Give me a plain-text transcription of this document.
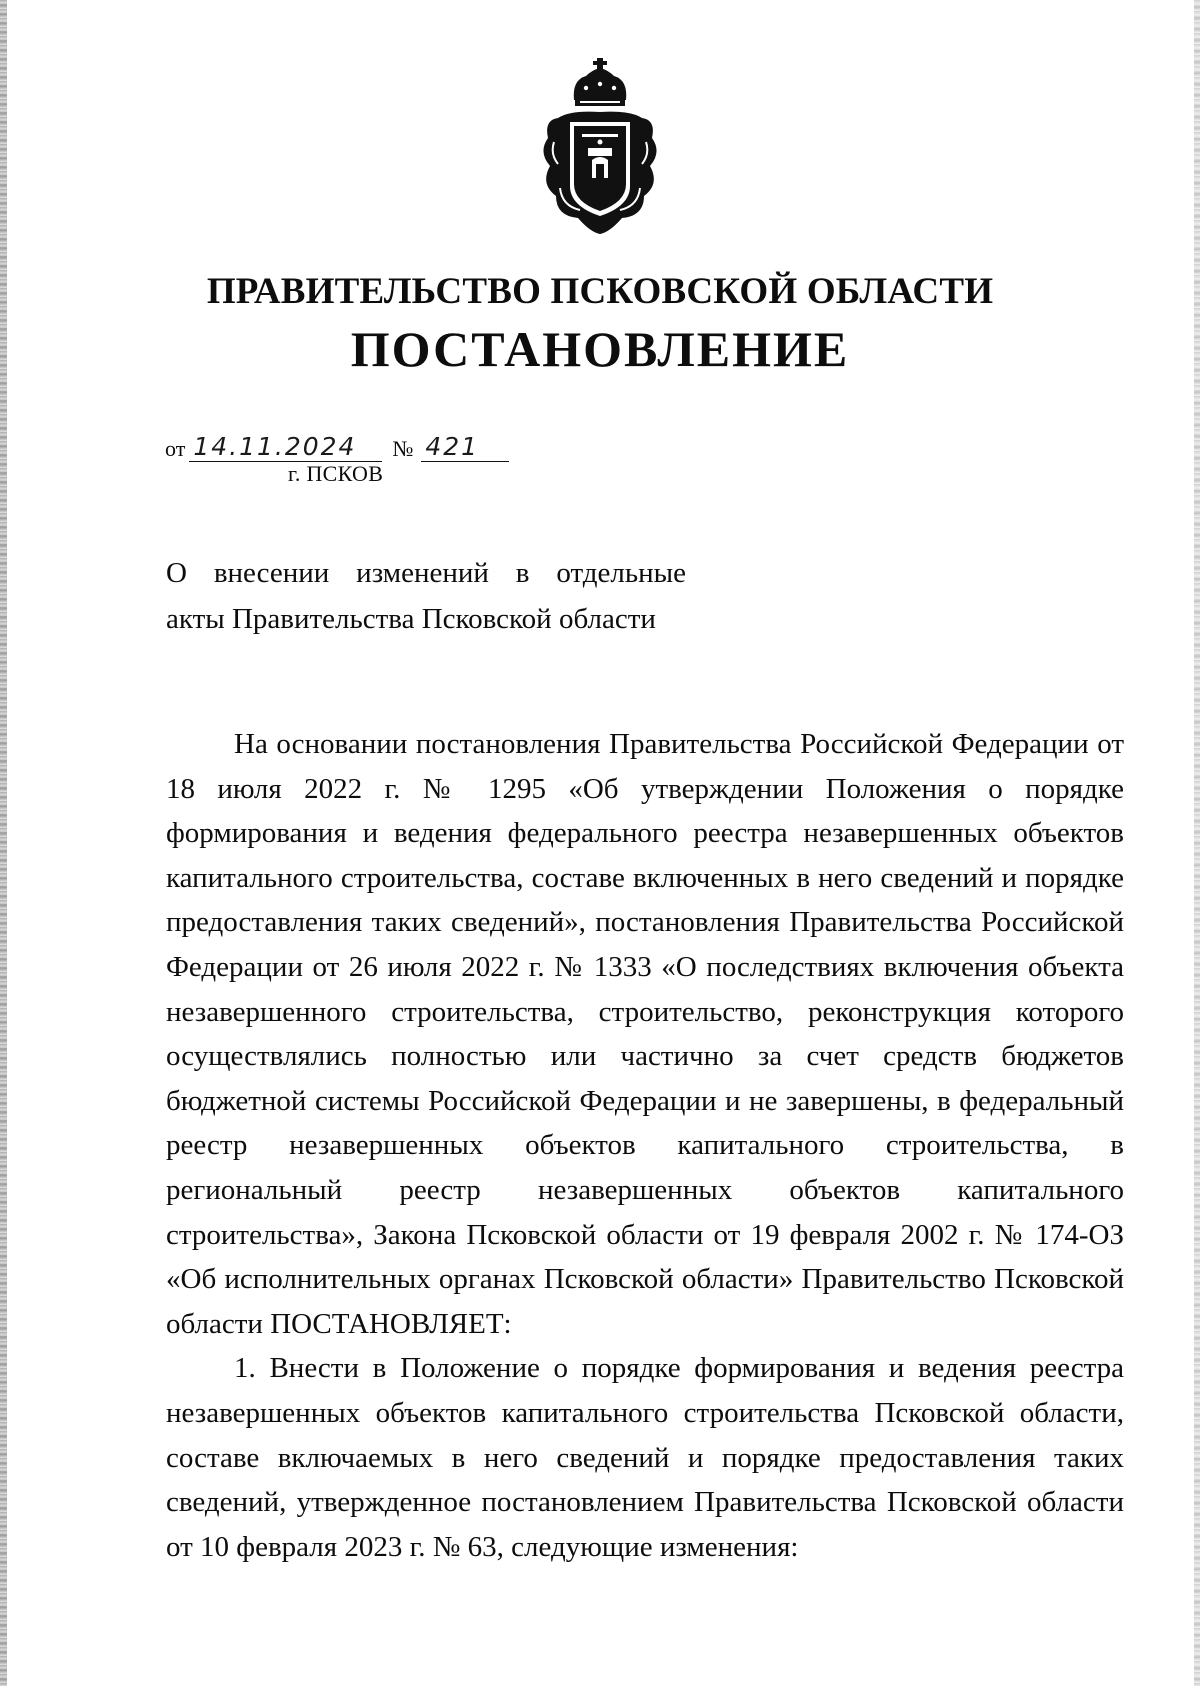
ПРАВИТЕЛЬСТВО ПСКОВСКОЙ ОБЛАСТИ
ПОСТАНОВЛЕНИЕ
от 14.11.2024	№ 421
г. ПСКОВ
О внесении изменений в отдельные
акты Правительства Псковской области

На основании постановления Правительства Российской Федерации от 18 июля 2022 г. № 1295 «Об утверждении Положения о порядке формирования и ведения федерального реестра незавершенных объектов капитального строительства, составе включенных в него сведений и порядке предоставления таких сведений», постановления Правительства Российской Федерации от 26 июля 2022 г. № 1333 «О последствиях включения объекта незавершенного строительства, строительство, реконструкция которого осуществлялись полностью или частично за счет средств бюджетов бюджетной системы Российской Федерации и не завершены, в федеральный реестр незавершенных объектов капитального строительства, в региональный реестр незавершенных объектов капитального строительства», Закона Псковской области от 19 февраля 2002 г. № 174-ОЗ «Об исполнительных органах Псковской области» Правительство Псковской области ПОСТАНОВЛЯЕТ:

1. Внести в Положение о порядке формирования и ведения реестра незавершенных объектов капитального строительства Псковской области, составе включаемых в него сведений и порядке предоставления таких сведений, утвержденное постановлением Правительства Псковской области от 10 февраля 2023 г. № 63, следующие изменения:
